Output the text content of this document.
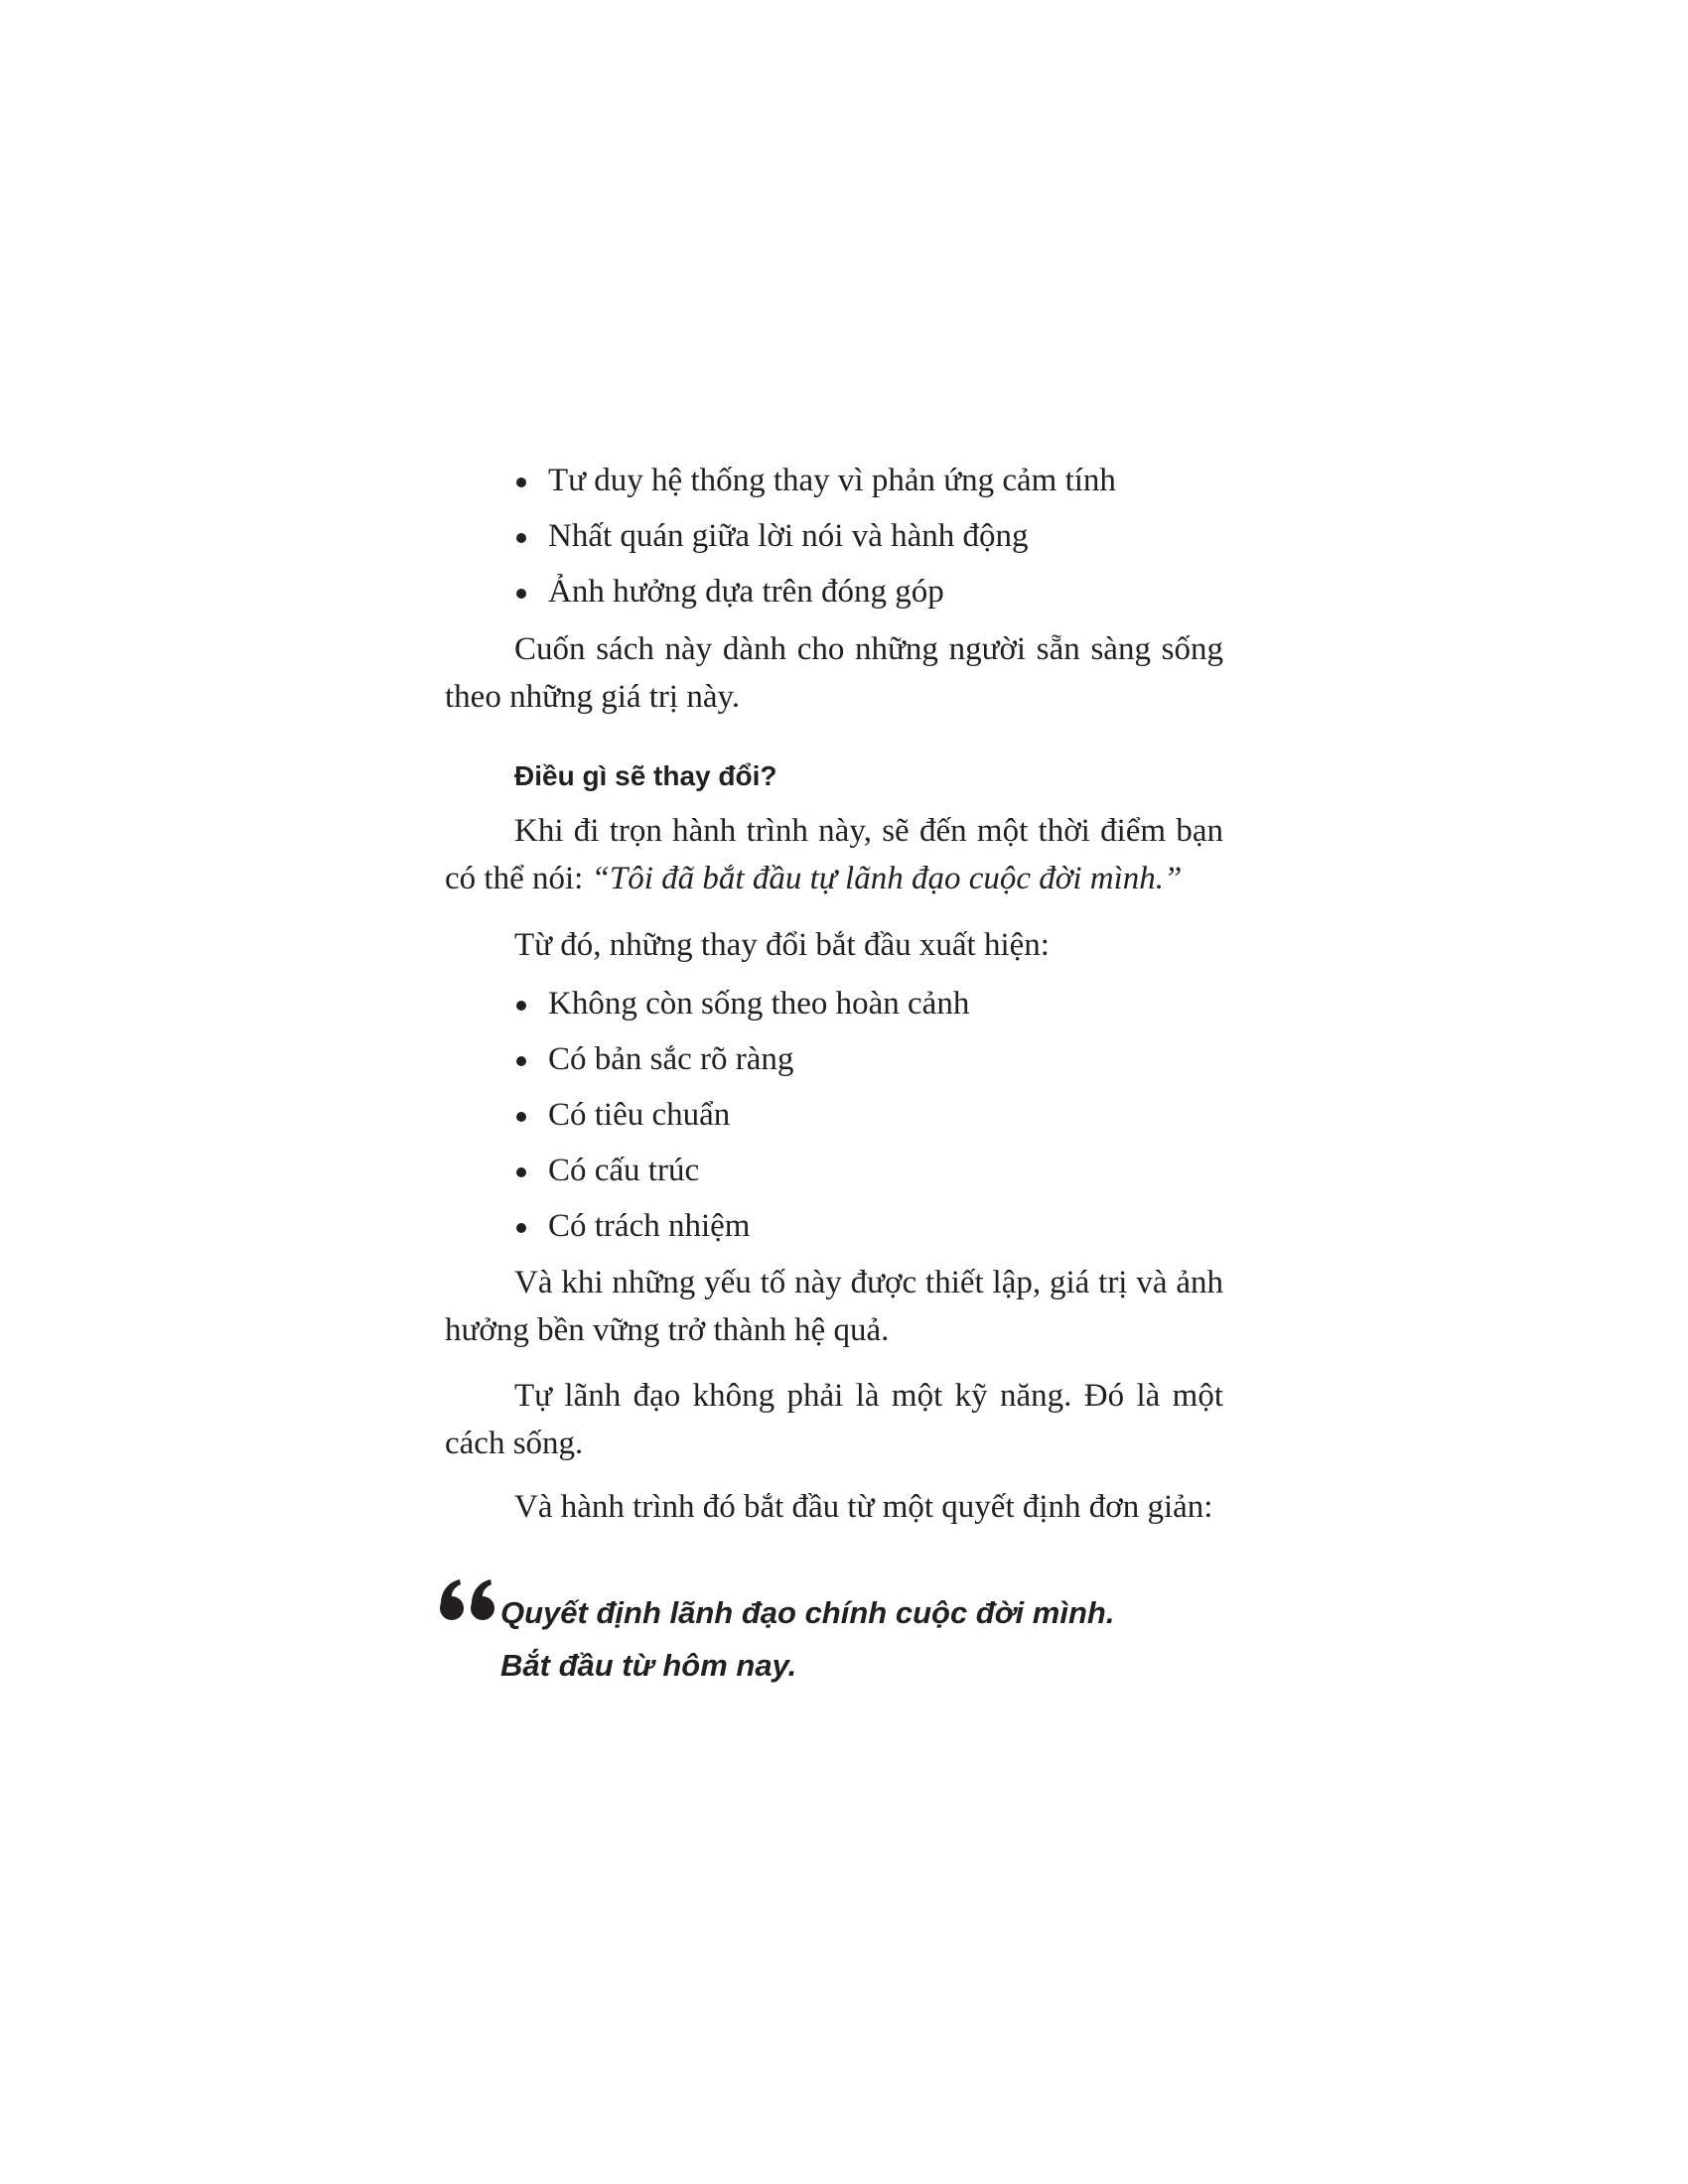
Tư duy hệ thống thay vì phản ứng cảm tính
Nhất quán giữa lời nói và hành động
Ảnh hưởng dựa trên đóng góp

Cuốn sách này dành cho những người sẵn sàng sống theo những giá trị này.

Điều gì sẽ thay đổi?

Khi đi trọn hành trình này, sẽ đến một thời điểm bạn có thể nói: “Tôi đã bắt đầu tự lãnh đạo cuộc đời mình.”

Từ đó, những thay đổi bắt đầu xuất hiện:

Không còn sống theo hoàn cảnh
Có bản sắc rõ ràng
Có tiêu chuẩn
Có cấu trúc
Có trách nhiệm

Và khi những yếu tố này được thiết lập, giá trị và ảnh hưởng bền vững trở thành hệ quả.

Tự lãnh đạo không phải là một kỹ năng. Đó là một cách sống.

Và hành trình đó bắt đầu từ một quyết định đơn giản:

Quyết định lãnh đạo chính cuộc đời mình.
Bắt đầu từ hôm nay.
